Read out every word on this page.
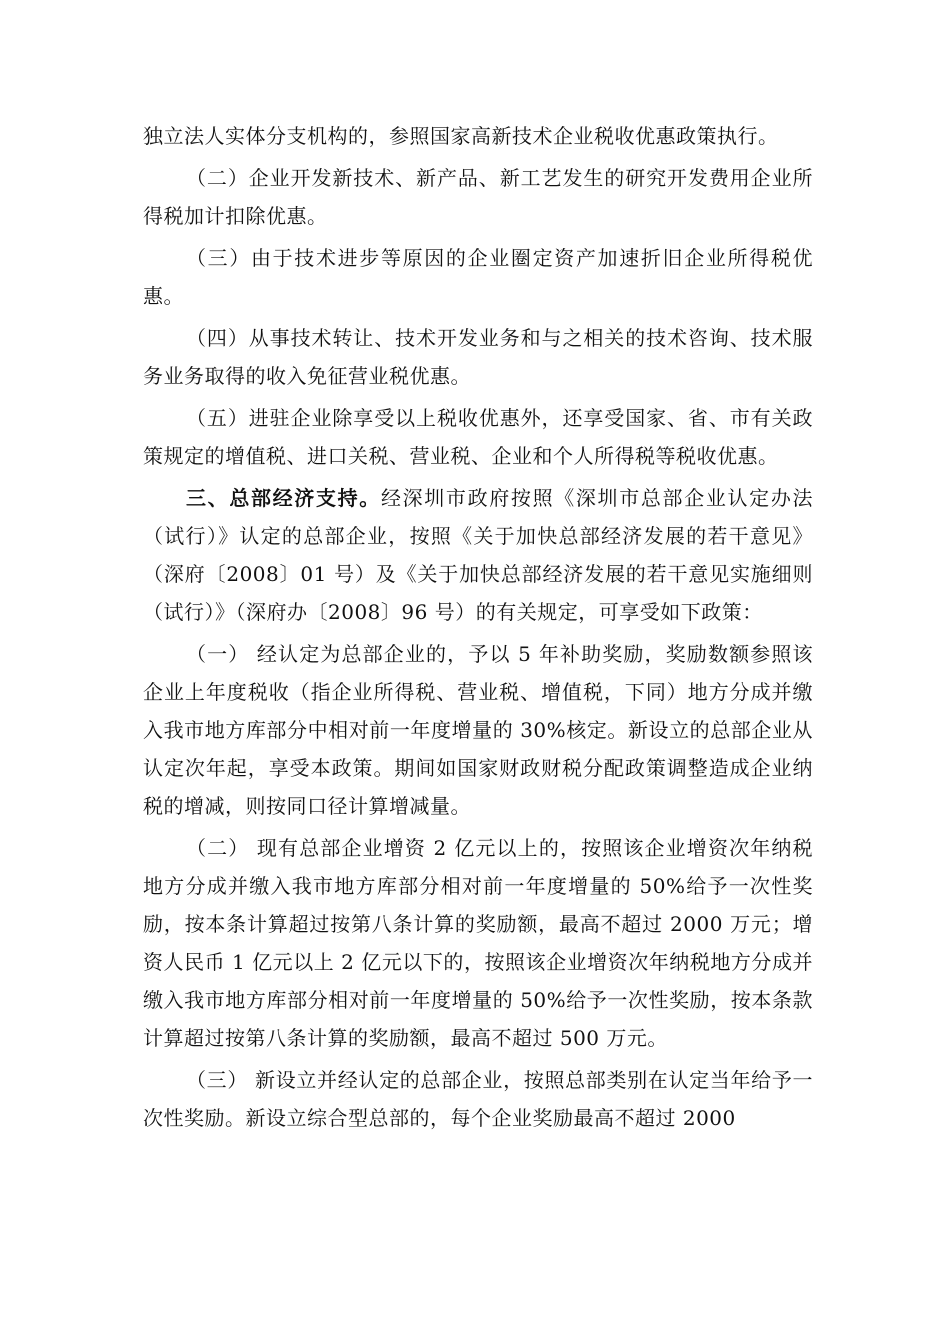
独立法人实体分支机构的，参照国家高新技术企业税收优惠政策执行。

（二）企业开发新技术、新产品、新工艺发生的研究开发费用企业所得税加计扣除优惠。

（三）由于技术进步等原因的企业圈定资产加速折旧企业所得税优惠。

（四）从事技术转让、技术开发业务和与之相关的技术咨询、技术服务业务取得的收入免征营业税优惠。

（五）进驻企业除享受以上税收优惠外，还享受国家、省、市有关政策规定的增值税、进口关税、营业税、企业和个人所得税等税收优惠。

三、总部经济支持。经深圳市政府按照《深圳市总部企业认定办法（试行）》认定的总部企业，按照《关于加快总部经济发展的若干意见》（深府〔2008〕01 号）及《关于加快总部经济发展的若干意见实施细则（试行）》（深府办〔2008〕96 号）的有关规定，可享受如下政策：

（一） 经认定为总部企业的，予以 5 年补助奖励，奖励数额参照该企业上年度税收（指企业所得税、营业税、增值税，下同）地方分成并缴入我市地方库部分中相对前一年度增量的 30%核定。新设立的总部企业从认定次年起，享受本政策。期间如国家财政财税分配政策调整造成企业纳税的增减，则按同口径计算增减量。

（二） 现有总部企业增资 2 亿元以上的，按照该企业增资次年纳税地方分成并缴入我市地方库部分相对前一年度增量的 50%给予一次性奖励，按本条计算超过按第八条计算的奖励额，最高不超过 2000 万元；增资人民币 1 亿元以上 2 亿元以下的，按照该企业增资次年纳税地方分成并缴入我市地方库部分相对前一年度增量的 50%给予一次性奖励，按本条款计算超过按第八条计算的奖励额，最高不超过 500 万元。

（三） 新设立并经认定的总部企业，按照总部类别在认定当年给予一次性奖励。新设立综合型总部的，每个企业奖励最高不超过 2000
